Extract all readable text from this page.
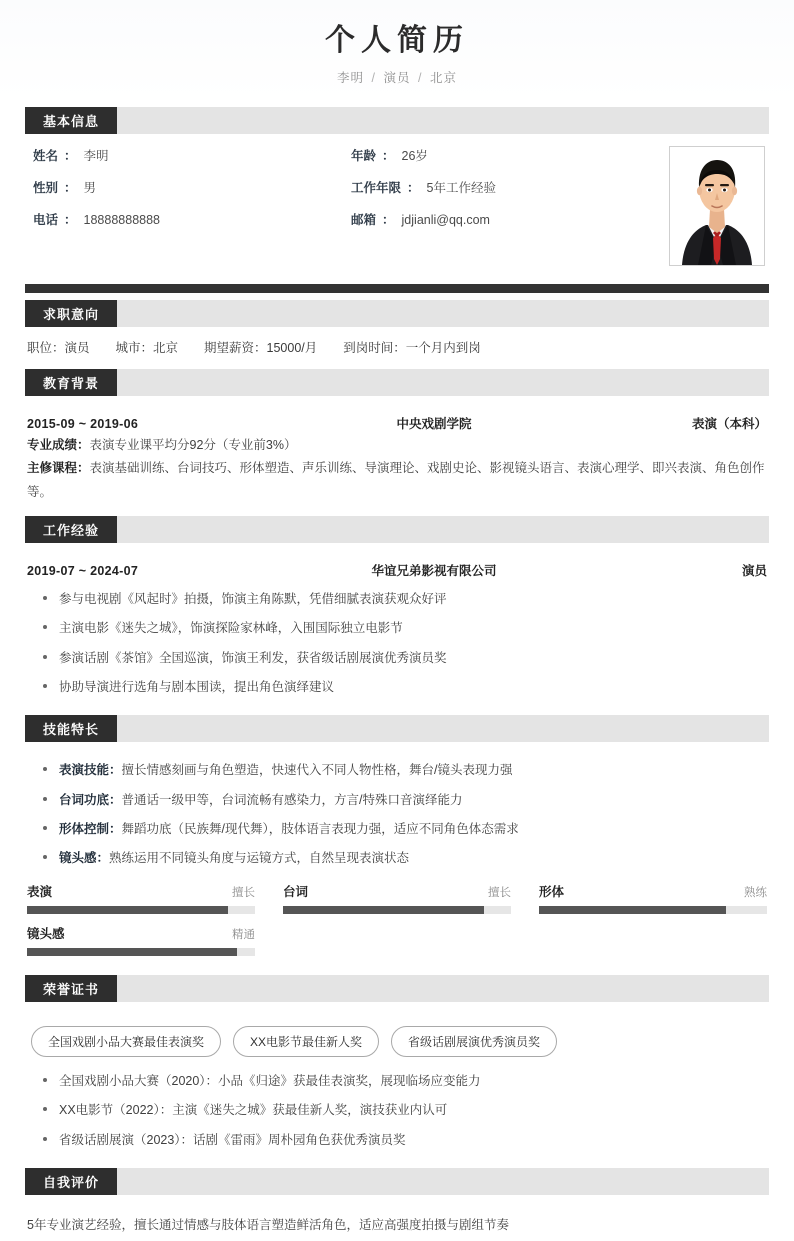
个人简历

李明 / 演员 / 北京

基本信息
姓名 ： 李明	年龄 ： 26岁
性别 ： 男	工作年限 ： 5年工作经验
电话 ： 18888888888	邮箱 ： jdjianli@qq.com
求职意向
职位：演员 城市：北京 期望薪资：15000/月 到岗时间：一个月内到岗
教育背景
2015-09 ~ 2019-06	中央戏剧学院	表演（本科）
专业成绩：表演专业课平均分92分（专业前3%）
主修课程：表演基础训练、台词技巧、形体塑造、声乐训练、导演理论、戏剧史论、影视镜头语言、表演心理学、即兴表演、角色创作等。
工作经验
2019-07 ~ 2024-07	华谊兄弟影视有限公司	演员
参与电视剧《风起时》拍摄，饰演主角陈默，凭借细腻表演获观众好评
主演电影《迷失之城》，饰演探险家林峰，入围国际独立电影节
参演话剧《茶馆》全国巡演，饰演王利发，获省级话剧展演优秀演员奖
协助导演进行选角与剧本围读，提出角色演绎建议
技能特长
表演技能：擅长情感刻画与角色塑造，快速代入不同人物性格，舞台/镜头表现力强
台词功底：普通话一级甲等，台词流畅有感染力，方言/特殊口音演绎能力
形体控制：舞蹈功底（民族舞/现代舞），肢体语言表现力强，适应不同角色体态需求
镜头感：熟练运用不同镜头角度与运镜方式，自然呈现表演状态
表演	擅长 台词	擅长 形体	熟练
镜头感	精通
荣誉证书
全国戏剧小品大赛最佳表演奖	XX电影节最佳新人奖	省级话剧展演优秀演员奖
全国戏剧小品大赛（2020）：小品《归途》获最佳表演奖，展现临场应变能力
XX电影节（2022）：主演《迷失之城》获最佳新人奖，演技获业内认可
省级话剧展演（2023）：话剧《雷雨》周朴园角色获优秀演员奖
自我评价
5年专业演艺经验，擅长通过情感与肢体语言塑造鲜活角色，适应高强度拍摄与剧组节奏
